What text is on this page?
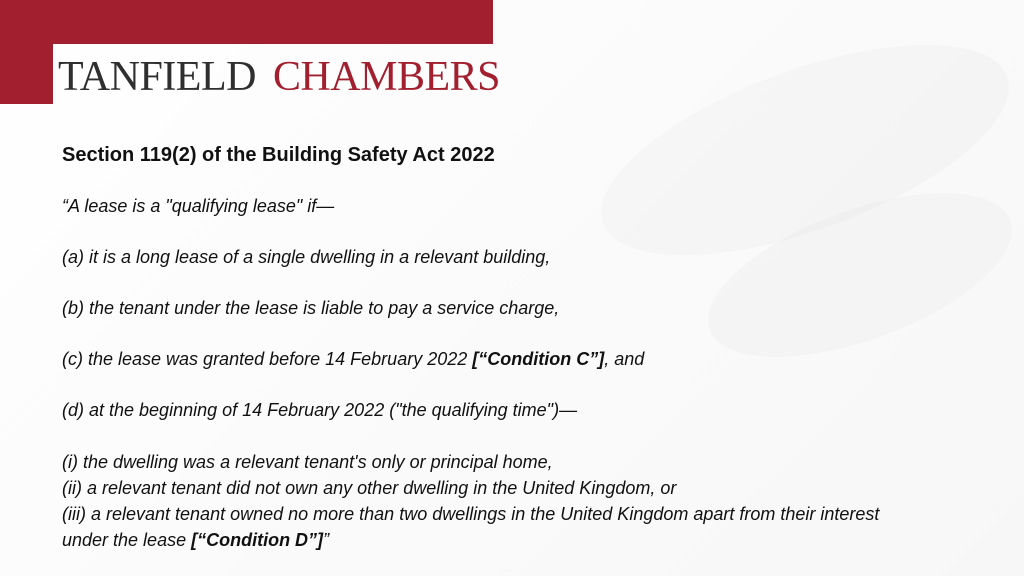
TANFIELD CHAMBERS
Section 119(2) of the Building Safety Act 2022
“A lease is a "qualifying lease" if—
(a) it is a long lease of a single dwelling in a relevant building,
(b) the tenant under the lease is liable to pay a service charge,
(c) the lease was granted before 14 February 2022 [“Condition C”], and
(d) at the beginning of 14 February 2022 ("the qualifying time")—
(i) the dwelling was a relevant tenant's only or principal home,
(ii) a relevant tenant did not own any other dwelling in the United Kingdom, or
(iii) a relevant tenant owned no more than two dwellings in the United Kingdom apart from their interest under the lease [“Condition D”]”
